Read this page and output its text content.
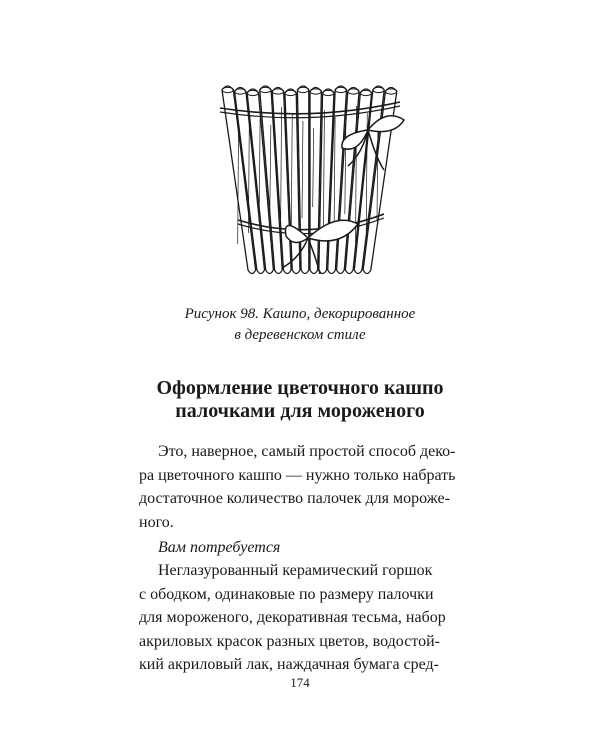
Рисунок 98. Кашпо, декорированное
в деревенском стиле
Оформление цветочного кашпо
палочками для мороженого
Это, наверное, самый простой способ деко-
ра цветочного кашпо — нужно только набрать
достаточное количество палочек для мороже-
ного.
Вам потребуется
Неглазурованный керамический горшок
с ободком, одинаковые по размеру палочки
для мороженого, декоративная тесьма, набор
акриловых красок разных цветов, водостой-
кий акриловый лак, наждачная бумага сред-
174
